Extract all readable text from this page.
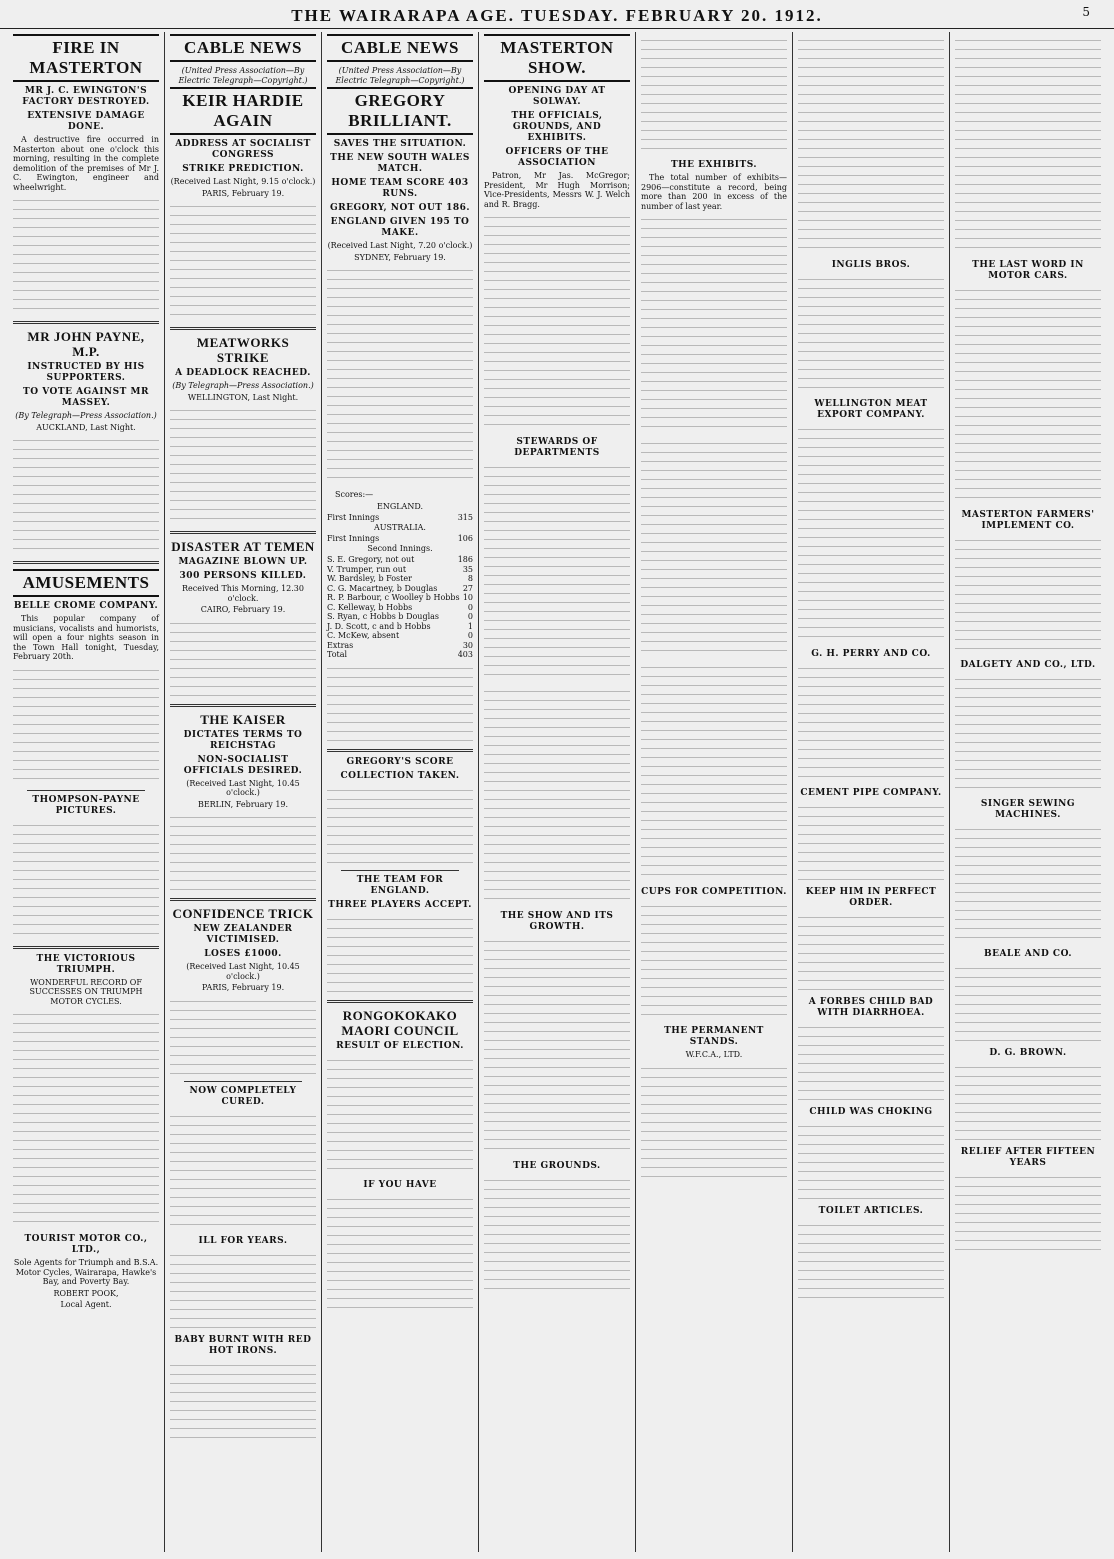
THE WAIRARAPA AGE. TUESDAY. FEBRUARY 20. 1912.	5
FIRE IN MASTERTON
MR J. C. EWINGTON'S FACTORY DESTROYED.
EXTENSIVE DAMAGE DONE.

A destructive fire occurred in Masterton about one o'clock this morning, resulting in the complete demolition of the premises of Mr J. C. Ewington, engineer and wheelwright.

MR JOHN PAYNE, M.P.
INSTRUCTED BY HIS SUPPORTERS.
TO VOTE AGAINST MR MASSEY.

(By Telegraph—Press Association.)

AUCKLAND, Last Night.

AMUSEMENTS
BELLE CROME COMPANY.

This popular company of musicians, vocalists and humorists, will open a four nights season in the Town Hall tonight, Tuesday, February 20th.

THOMPSON-PAYNE PICTURES.
THE VICTORIOUS TRIUMPH.

WONDERFUL RECORD OF SUCCESSES ON TRIUMPH MOTOR CYCLES.

TOURIST MOTOR CO., LTD.,

Sole Agents for Triumph and B.S.A. Motor Cycles, Wairarapa, Hawke's Bay, and Poverty Bay.

ROBERT POOK,

Local Agent.

CABLE NEWS

(United Press Association—By Electric Telegraph—Copyright.)

KEIR HARDIE AGAIN
ADDRESS AT SOCIALIST CONGRESS
STRIKE PREDICTION.

(Received Last Night, 9.15 o'clock.)

PARIS, February 19.

MEATWORKS STRIKE
A DEADLOCK REACHED.

(By Telegraph—Press Association.)

WELLINGTON, Last Night.

DISASTER AT TEMEN
MAGAZINE BLOWN UP.
300 PERSONS KILLED.

Received This Morning, 12.30 o'clock.

CAIRO, February 19.

THE KAISER
DICTATES TERMS TO REICHSTAG
NON-SOCIALIST OFFICIALS DESIRED.

(Received Last Night, 10.45 o'clock.)

BERLIN, February 19.

CONFIDENCE TRICK
NEW ZEALANDER VICTIMISED.
LOSES £1000.

(Received Last Night, 10.45 o'clock.)

PARIS, February 19.

NOW COMPLETELY CURED.
ILL FOR YEARS.
BABY BURNT WITH RED HOT IRONS.
CABLE NEWS

(United Press Association—By Electric Telegraph—Copyright.)

GREGORY BRILLIANT.
SAVES THE SITUATION.
THE NEW SOUTH WALES MATCH.
HOME TEAM SCORE 403 RUNS.
GREGORY, NOT OUT 186.
ENGLAND GIVEN 195 TO MAKE.

(Received Last Night, 7.20 o'clock.)

SYDNEY, February 19.

Scores:—

ENGLAND.

First Innings	315

AUSTRALIA.

First Innings	106

Second Innings.

S. E. Gregory, not out	186
V. Trumper, run out	35
W. Bardsley, b Foster	8
C. G. Macartney, b Douglas	27
R. P. Barbour, c Woolley b Hobbs 10
C. Kelleway, b Hobbs	0
S. Ryan, c Hobbs b Douglas	0
J. D. Scott, c and b Hobbs	1
C. McKew, absent	0
Extras	30
Total	403
GREGORY'S SCORE
COLLECTION TAKEN.
THE TEAM FOR ENGLAND.
THREE PLAYERS ACCEPT.
RONGOKOKAKO MAORI COUNCIL
RESULT OF ELECTION.
IF YOU HAVE
MASTERTON SHOW.
OPENING DAY AT SOLWAY.
THE OFFICIALS, GROUNDS, AND EXHIBITS.
OFFICERS OF THE ASSOCIATION

Patron, Mr Jas. McGregor; President, Mr Hugh Morrison; Vice-Presidents, Messrs W. J. Welch and R. Bragg.

STEWARDS OF DEPARTMENTS
THE SHOW AND ITS GROWTH.
THE GROUNDS.
THE EXHIBITS.

The total number of exhibits—2906—constitute a record, being more than 200 in excess of the number of last year.

CUPS FOR COMPETITION.
THE PERMANENT STANDS.

W.F.C.A., LTD.

INGLIS BROS.
WELLINGTON MEAT EXPORT COMPANY.
G. H. PERRY AND CO.
CEMENT PIPE COMPANY.
KEEP HIM IN PERFECT ORDER.
A FORBES CHILD BAD WITH DIARRHOEA.
CHILD WAS CHOKING
TOILET ARTICLES.
THE LAST WORD IN MOTOR CARS.
MASTERTON FARMERS' IMPLEMENT CO.
DALGETY AND CO., LTD.
SINGER SEWING MACHINES.
BEALE AND CO.
D. G. BROWN.
RELIEF AFTER FIFTEEN YEARS
